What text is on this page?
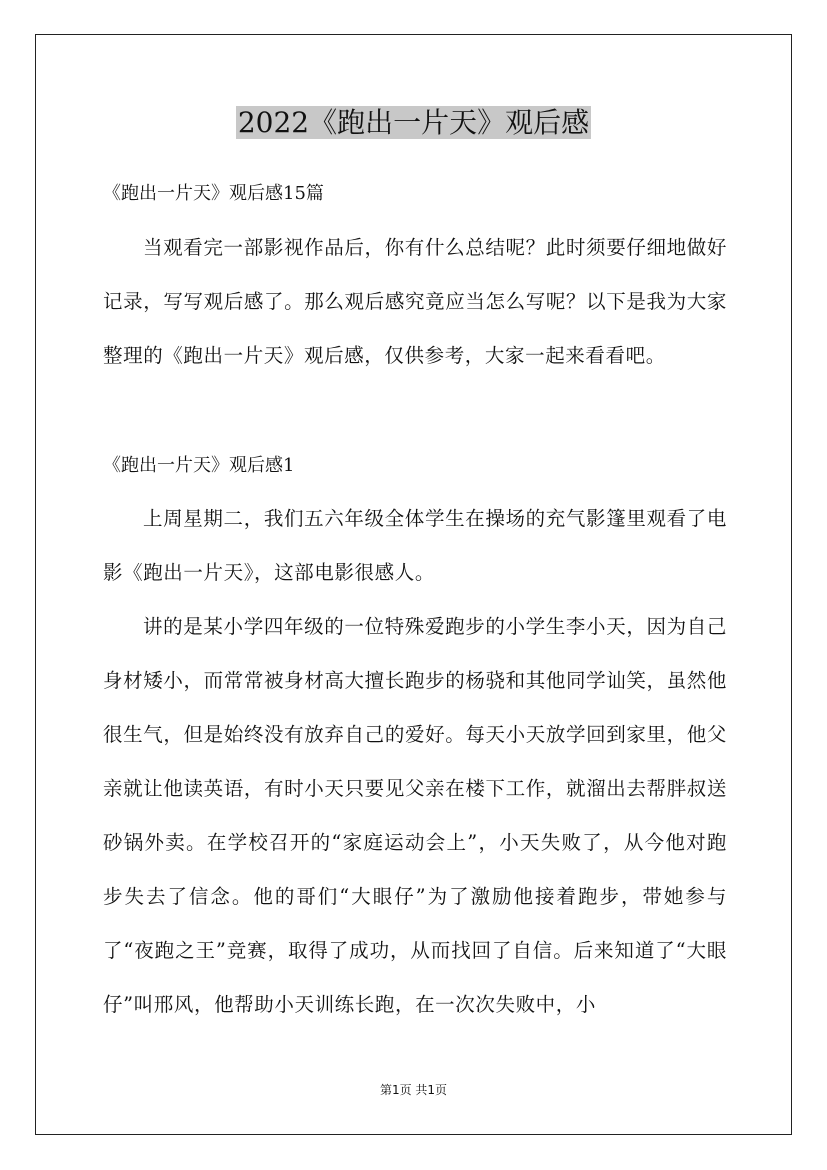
2022《跑出一片天》观后感

《跑出一片天》观后感15篇

当观看完一部影视作品后，你有什么总结呢？此时须要仔细地做好记录，写写观后感了。那么观后感究竟应当怎么写呢？以下是我为大家整理的《跑出一片天》观后感，仅供参考，大家一起来看看吧。

《跑出一片天》观后感1

上周星期二，我们五六年级全体学生在操场的充气影篷里观看了电影《跑出一片天》，这部电影很感人。

讲的是某小学四年级的一位特殊爱跑步的小学生李小天，因为自己身材矮小，而常常被身材高大擅长跑步的杨骁和其他同学讪笑，虽然他很生气，但是始终没有放弃自己的爱好。每天小天放学回到家里，他父亲就让他读英语，有时小天只要见父亲在楼下工作，就溜出去帮胖叔送砂锅外卖。在学校召开的“家庭运动会上”，小天失败了，从今他对跑步失去了信念。他的哥们“大眼仔”为了激励他接着跑步，带她参与了“夜跑之王”竞赛，取得了成功，从而找回了自信。后来知道了“大眼仔”叫邢风，他帮助小天训练长跑，在一次次失败中，小

第1页 共1页
